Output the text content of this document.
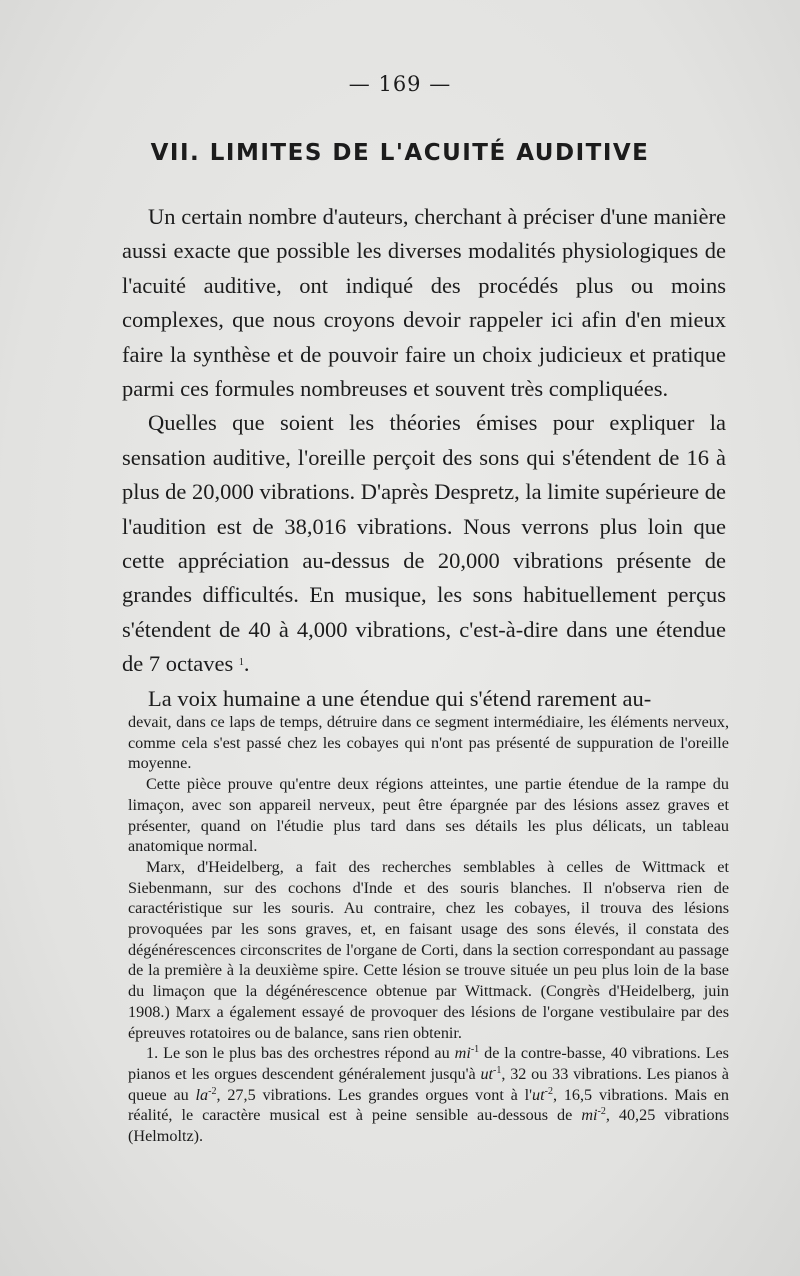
— 169 —
VII. LIMITES DE L'ACUITÉ AUDITIVE

Un certain nombre d'auteurs, cherchant à préciser d'une manière aussi exacte que possible les diverses modalités physiologiques de l'acuité auditive, ont indiqué des procédés plus ou moins complexes, que nous croyons devoir rappeler ici afin d'en mieux faire la synthèse et de pouvoir faire un choix judicieux et pratique parmi ces formules nombreuses et souvent très compliquées.

Quelles que soient les théories émises pour expliquer la sensation auditive, l'oreille perçoit des sons qui s'étendent de 16 à plus de 20,000 vibrations. D'après Despretz, la limite supérieure de l'audition est de 38,016 vibrations. Nous verrons plus loin que cette appréciation au-dessus de 20,000 vibrations présente de grandes difficultés. En musique, les sons habituellement perçus s'étendent de 40 à 4,000 vibrations, c'est-à-dire dans une étendue de 7 octaves $^1$.

La voix humaine a une étendue qui s'étend rarement au-

devait, dans ce laps de temps, détruire dans ce segment intermédiaire, les éléments nerveux, comme cela s'est passé chez les cobayes qui n'ont pas présenté de suppuration de l'oreille moyenne.

Cette pièce prouve qu'entre deux régions atteintes, une partie étendue de la rampe du limaçon, avec son appareil nerveux, peut être épargnée par des lésions assez graves et présenter, quand on l'étudie plus tard dans ses détails les plus délicats, un tableau anatomique normal.

Marx, d'Heidelberg, a fait des recherches semblables à celles de Wittmack et Siebenmann, sur des cochons d'Inde et des souris blanches. Il n'observa rien de caractéristique sur les souris. Au contraire, chez les cobayes, il trouva des lésions provoquées par les sons graves, et, en faisant usage des sons élevés, il constata des dégénérescences circonscrites de l'organe de Corti, dans la section correspondant au passage de la première à la deuxième spire. Cette lésion se trouve située un peu plus loin de la base du limaçon que la dégénérescence obtenue par Wittmack. (Congrès d'Heidelberg, juin 1908.) Marx a également essayé de provoquer des lésions de l'organe vestibulaire par des épreuves rotatoires ou de balance, sans rien obtenir.

1. Le son le plus bas des orchestres répond au $mi^{-1}$ de la contre-basse, 40 vibrations. Les pianos et les orgues descendent généralement jusqu'à $ut^{-1}$, 32 ou 33 vibrations. Les pianos à queue au $la^{-2}$, 27,5 vibrations. Les grandes orgues vont à $l'ut^{-2}$, 16,5 vibrations. Mais en réalité, le caractère musical est à peine sensible au-dessous de $mi^{-2}$, 40,25 vibrations (Helmoltz).
